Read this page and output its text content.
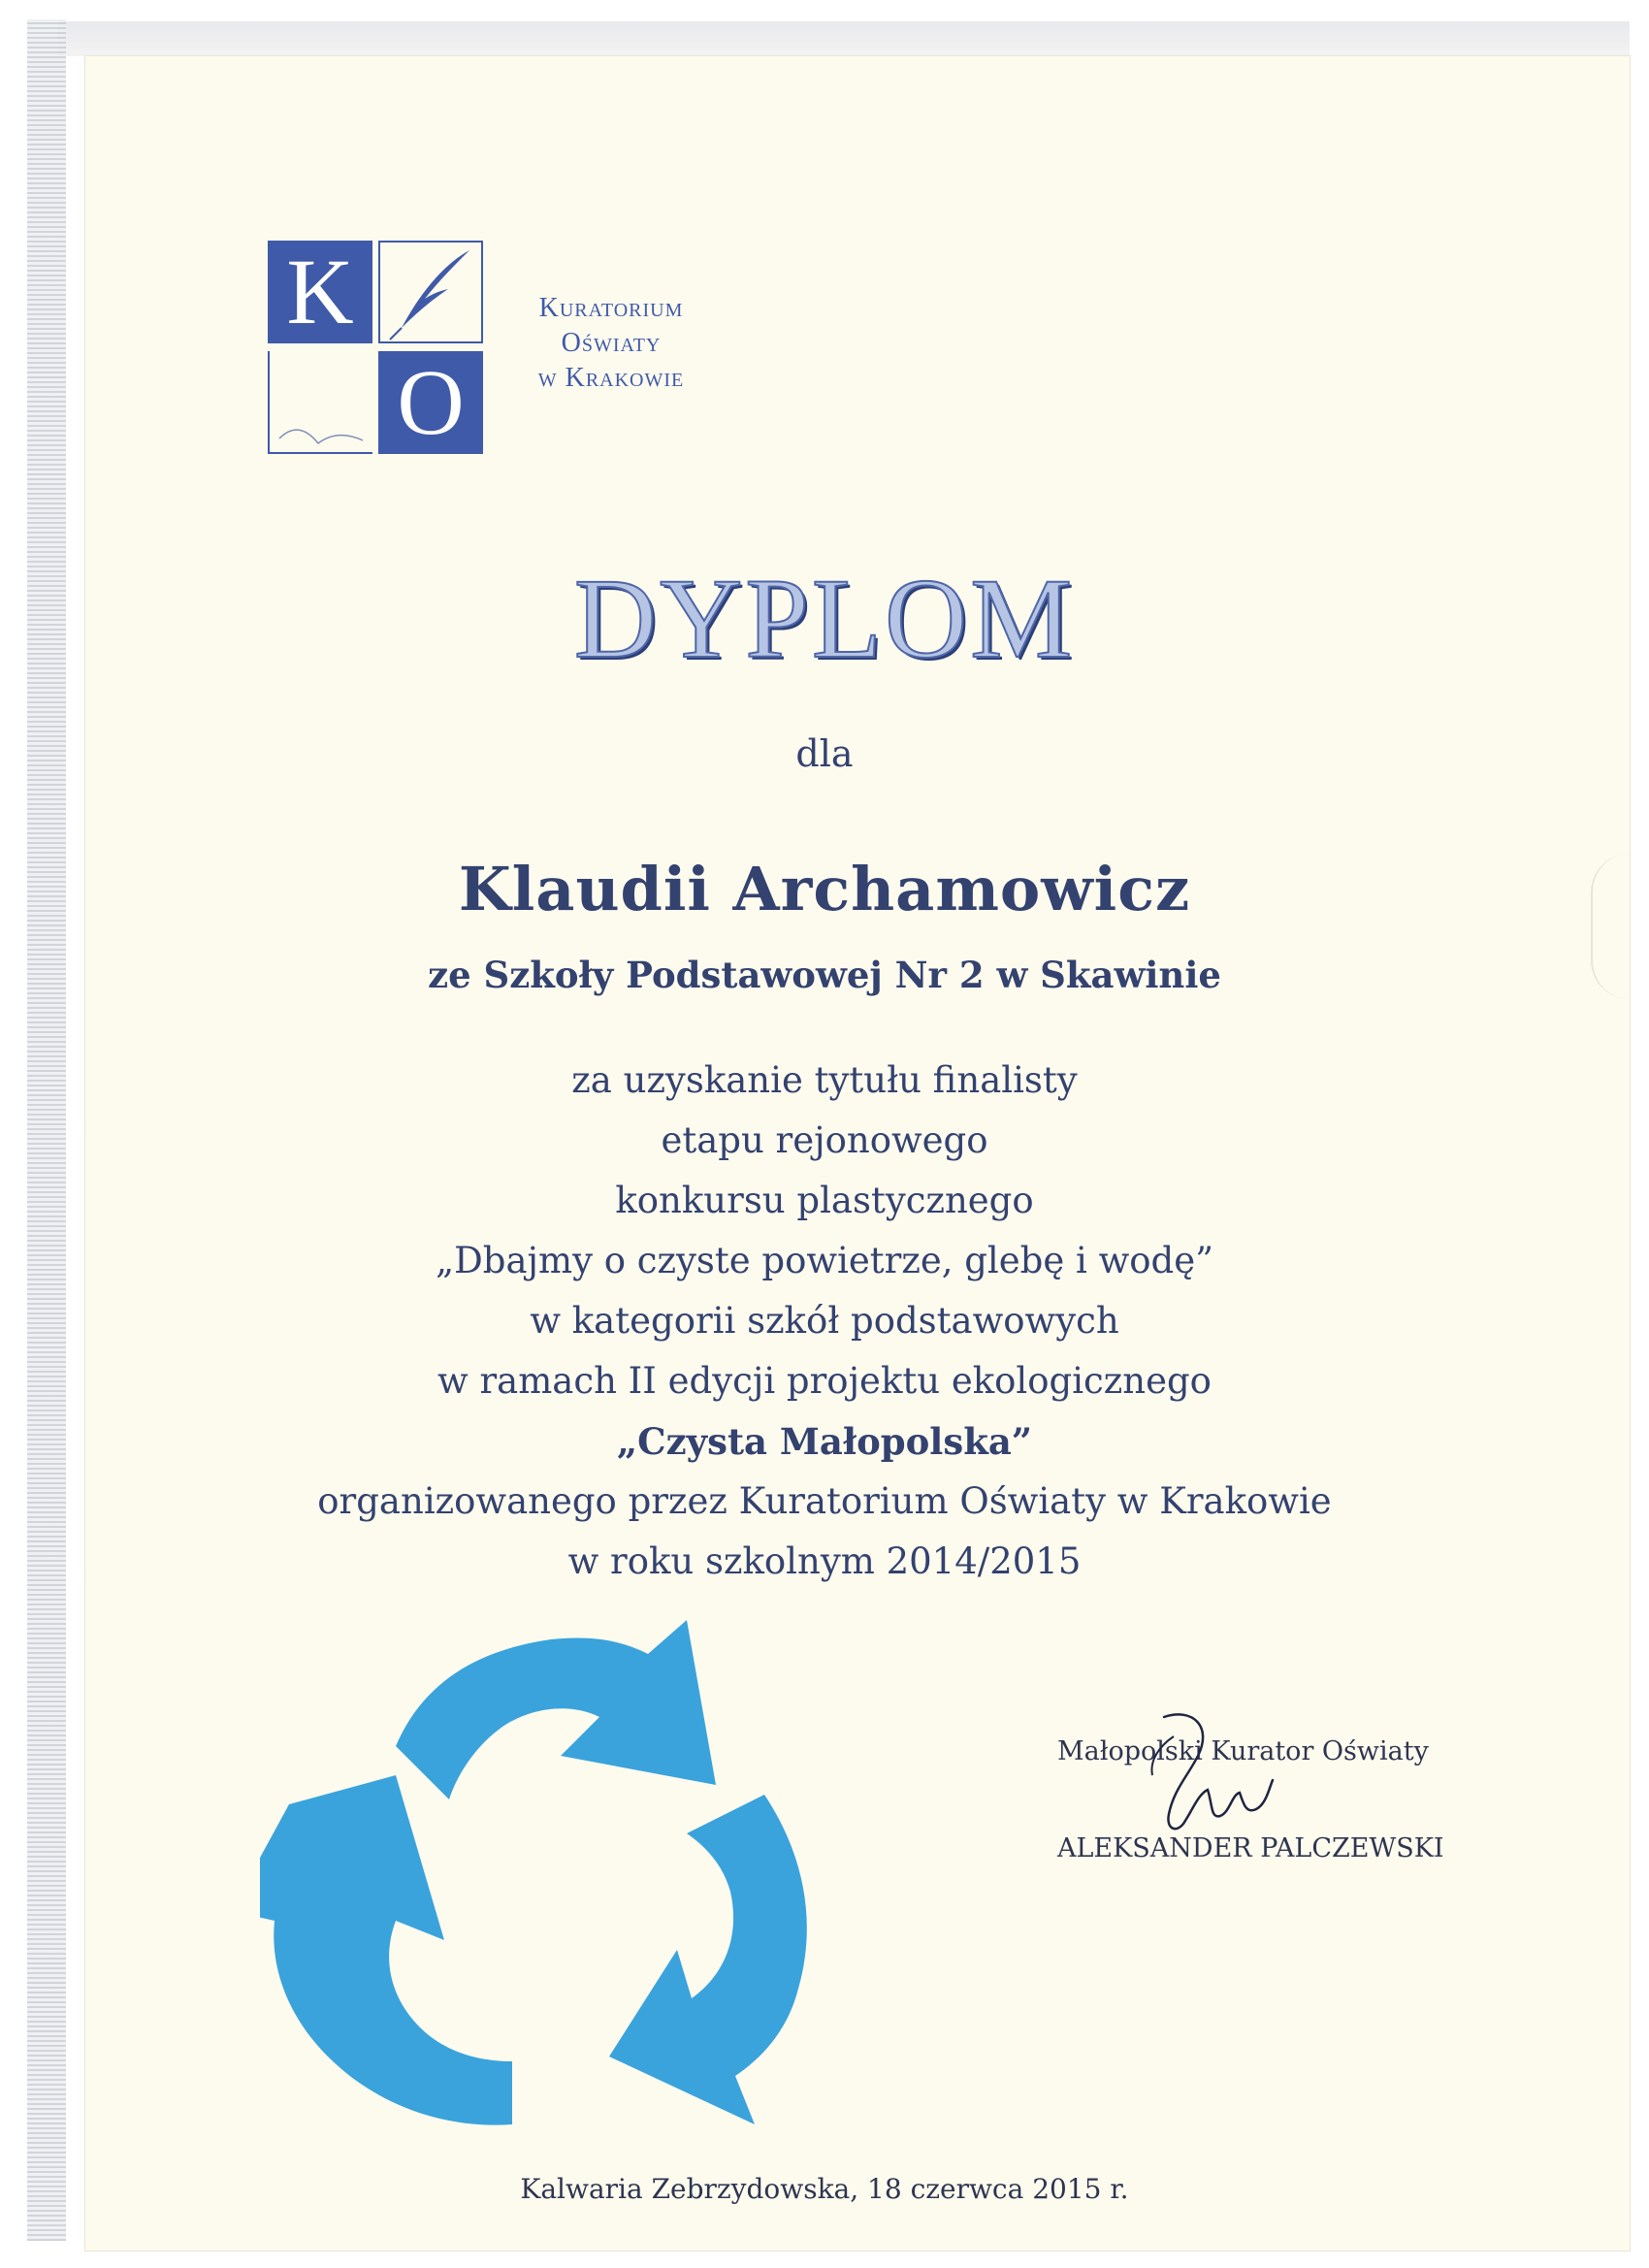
K
O
Kuratorium
Oświaty
w Krakowie
DYPLOM
dla
Klaudii Archamowicz
ze Szkoły Podstawowej Nr 2 w Skawinie
za uzyskanie tytułu finalisty
etapu rejonowego
konkursu plastycznego
„Dbajmy o czyste powietrze, glebę i wodę”
w kategorii szkół podstawowych
w ramach II edycji projektu ekologicznego
„Czysta Małopolska”
organizowanego przez Kuratorium Oświaty w Krakowie
w roku szkolnym 2014/2015
Małopolski Kurator Oświaty
ALEKSANDER PALCZEWSKI
Kalwaria Zebrzydowska, 18 czerwca 2015 r.
